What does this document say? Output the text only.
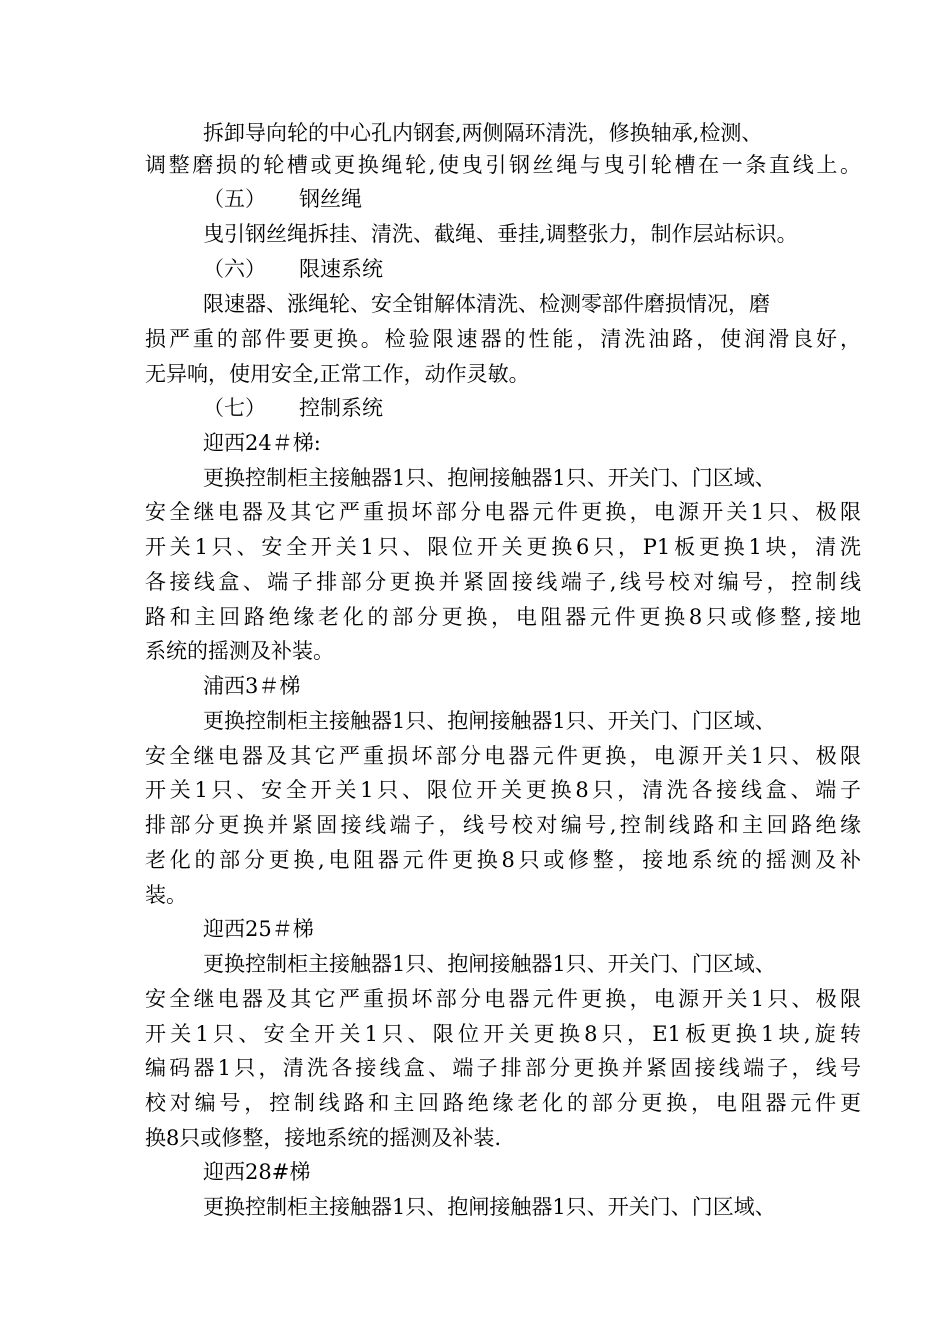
拆卸导向轮的中心孔内钢套,两侧隔环清洗，修换轴承,检测、
调整磨损的轮槽或更换绳轮,使曳引钢丝绳与曳引轮槽在一条直线上。
（五） 钢丝绳
曳引钢丝绳拆挂、清洗、截绳、垂挂,调整张力，制作层站标识。
（六） 限速系统
限速器、涨绳轮、安全钳解体清洗、检测零部件磨损情况，磨
损严重的部件要更换。检验限速器的性能，清洗油路，使润滑良好，
无异响，使用安全,正常工作，动作灵敏。
（七） 控制系统
迎西24＃梯:
更换控制柜主接触器1只、抱闸接触器1只、开关门、门区域、
安全继电器及其它严重损坏部分电器元件更换，电源开关1只、极限
开关1只、安全开关1只、限位开关更换6只，P1板更换1块，清洗
各接线盒、端子排部分更换并紧固接线端子,线号校对编号，控制线
路和主回路绝缘老化的部分更换，电阻器元件更换8只或修整,接地
系统的摇测及补装。
浦西3＃梯
更换控制柜主接触器1只、抱闸接触器1只、开关门、门区域、
安全继电器及其它严重损坏部分电器元件更换，电源开关1只、极限
开关1只、安全开关1只、限位开关更换8只，清洗各接线盒、端子
排部分更换并紧固接线端子，线号校对编号,控制线路和主回路绝缘
老化的部分更换,电阻器元件更换8只或修整，接地系统的摇测及补
装。
迎西25＃梯
更换控制柜主接触器1只、抱闸接触器1只、开关门、门区域、
安全继电器及其它严重损坏部分电器元件更换，电源开关1只、极限
开关1只、安全开关1只、限位开关更换8只，E1板更换1块,旋转
编码器1只，清洗各接线盒、端子排部分更换并紧固接线端子，线号
校对编号，控制线路和主回路绝缘老化的部分更换，电阻器元件更
换8只或修整，接地系统的摇测及补装.
迎西28#梯
更换控制柜主接触器1只、抱闸接触器1只、开关门、门区域、
